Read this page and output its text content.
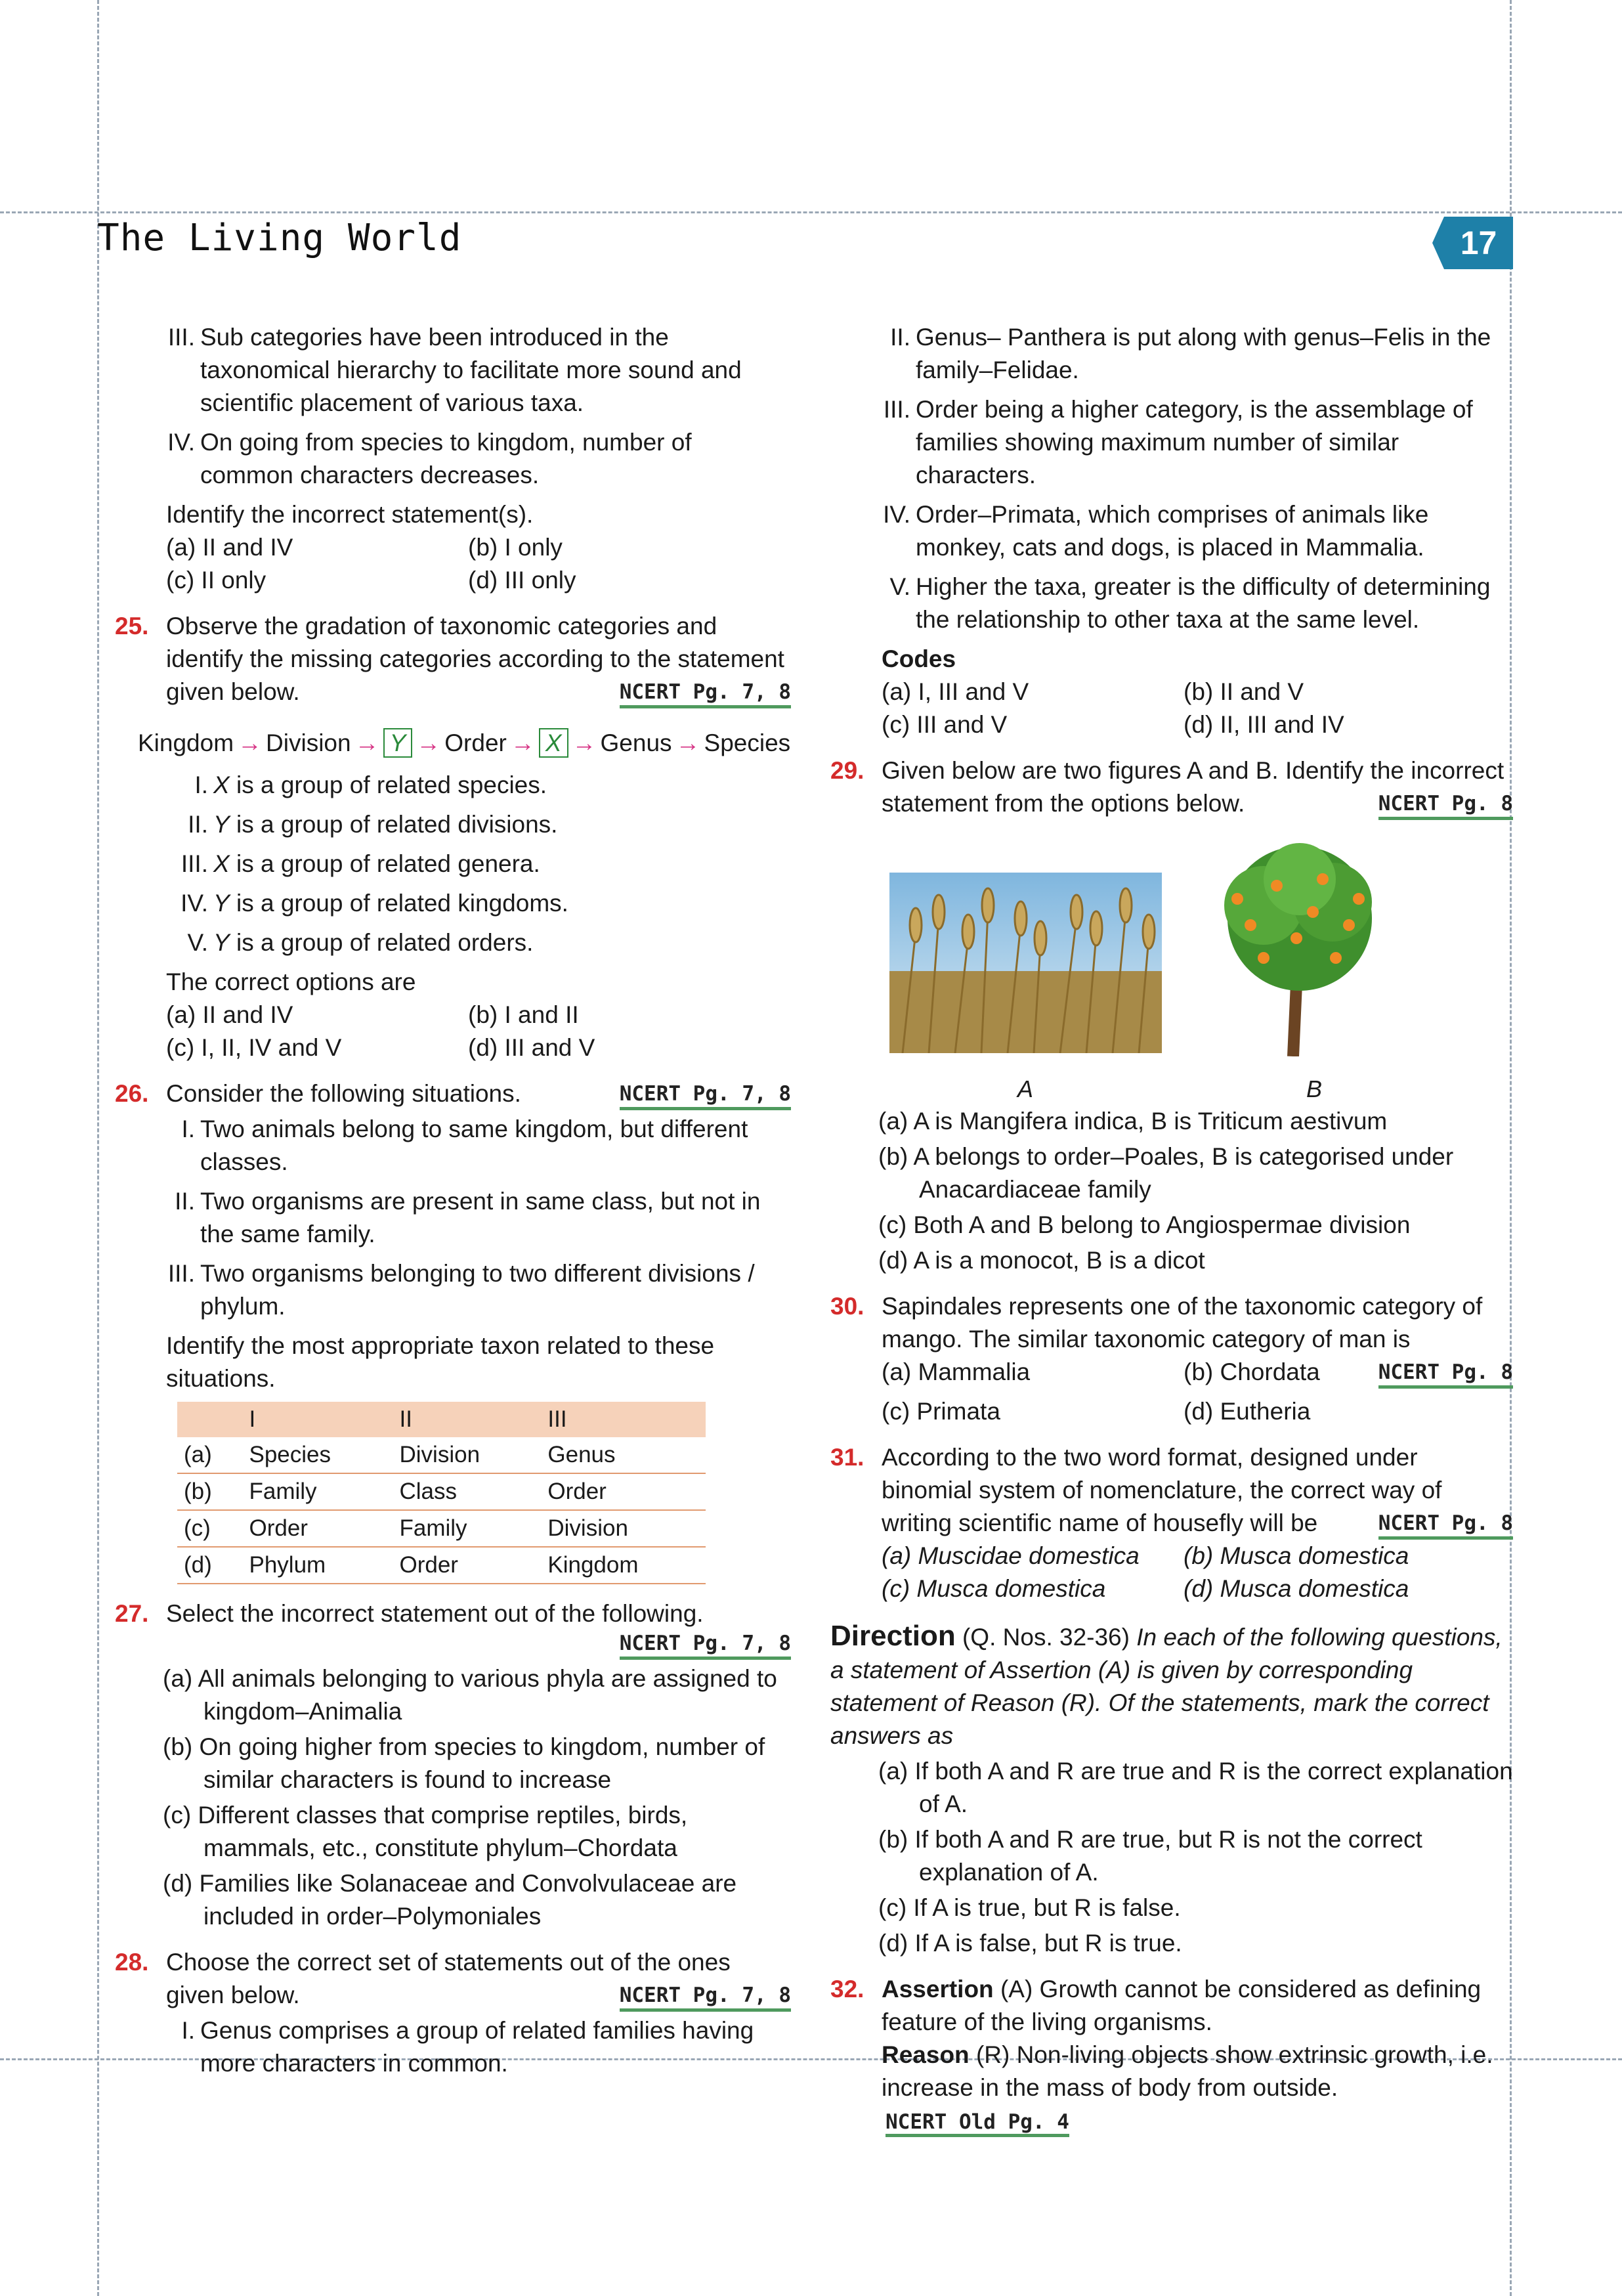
The Living World	17
III. Sub categories have been introduced in the taxonomical hierarchy to facilitate more sound and scientific placement of various taxa.
IV. On going from species to kingdom, number of common characters decreases.
Identify the incorrect statement(s).
(a) II and IV	(b) I only
(c) II only	(d) III only
25. Observe the gradation of taxonomic categories and identify the missing categories according to the statement given below.	NCERT Pg. 7, 8
Kingdom → Division → Y → Order → X → Genus → Species
I. X is a group of related species.
II. Y is a group of related divisions.
III. X is a group of related genera.
IV. Y is a group of related kingdoms.
V. Y is a group of related orders.
The correct options are
(a) II and IV	(b) I and II
(c) I, II, IV and V	(d) III and V
26. Consider the following situations.	NCERT Pg. 7, 8
I. Two animals belong to same kingdom, but different classes.
II. Two organisms are present in same class, but not in the same family.
III. Two organisms belonging to two different divisions / phylum.
Identify the most appropriate taxon related to these situations.
	I	II	III
(a)	Species	Division	Genus
(b)	Family	Class	Order
(c)	Order	Family	Division
(d)	Phylum	Order	Kingdom
27. Select the incorrect statement out of the following.
NCERT Pg. 7, 8
(a) All animals belonging to various phyla are assigned to kingdom–Animalia
(b) On going higher from species to kingdom, number of similar characters is found to increase
(c) Different classes that comprise reptiles, birds, mammals, etc., constitute phylum–Chordata
(d) Families like Solanaceae and Convolvulaceae are included in order–Polymoniales
28. Choose the correct set of statements out of the ones given below.	NCERT Pg. 7, 8
I. Genus comprises a group of related families having more characters in common.
II. Genus– Panthera is put along with genus–Felis in the family–Felidae.
III. Order being a higher category, is the assemblage of families showing maximum number of similar characters.
IV. Order–Primata, which comprises of animals like monkey, cats and dogs, is placed in Mammalia.
V. Higher the taxa, greater is the difficulty of determining the relationship to other taxa at the same level.
Codes
(a) I, III and V	(b) II and V
(c) III and V	(d) II, III and IV
29. Given below are two figures A and B. Identify the incorrect statement from the options below.	NCERT Pg. 8
A	B
(a) A is Mangifera indica, B is Triticum aestivum
(b) A belongs to order–Poales, B is categorised under Anacardiaceae family
(c) Both A and B belong to Angiospermae division
(d) A is a monocot, B is a dicot
30. Sapindales represents one of the taxonomic category of mango. The similar taxonomic category of man is
(a) Mammalia	(b) Chordata
(c) Primata	(d) Eutheria
NCERT Pg. 8
31. According to the two word format, designed under binomial system of nomenclature, the correct way of writing scientific name of housefly will be	NCERT Pg. 8
(a) Muscidae domestica	(b) Musca domestica
(c) Musca domestica	(d) Musca domestica
Direction (Q. Nos. 32-36) In each of the following questions, a statement of Assertion (A) is given by corresponding statement of Reason (R). Of the statements, mark the correct answers as
(a) If both A and R are true and R is the correct explanation of A.
(b) If both A and R are true, but R is not the correct explanation of A.
(c) If A is true, but R is false.
(d) If A is false, but R is true.
32. Assertion (A) Growth cannot be considered as defining feature of the living organisms.
Reason (R) Non-living objects show extrinsic growth, i.e. increase in the mass of body from outside. NCERT Old Pg. 4
